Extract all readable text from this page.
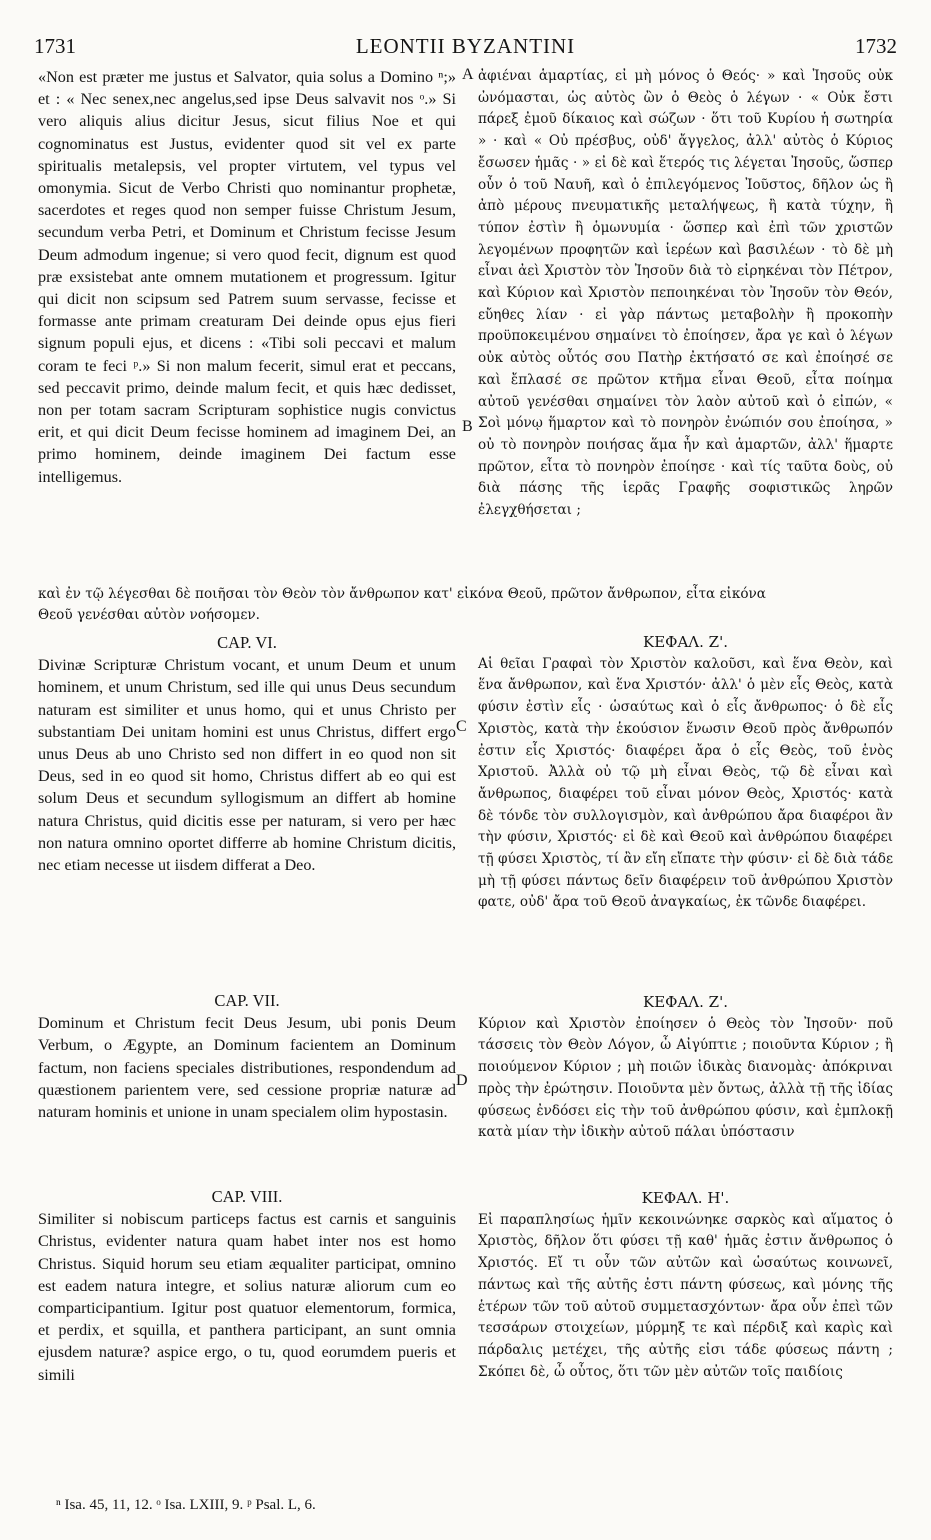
1731	LEONTII BYZANTINI	1732

«Non est præter me justus et Salvator, quia solus a Domino ⁿ;» et : « Nec senex,nec angelus,sed ipse Deus salvavit nos ᵒ.» Si vero aliquis alius dicitur Jesus, sicut filius Noe et qui cognominatus est Justus, evidenter quod sit vel ex parte spiritualis metalepsis, vel propter virtutem, vel typus vel omonymia. Sicut de Verbo Christi quo nominantur prophetæ, sacerdotes et reges quod non semper fuisse Christum Jesum, secundum verba Petri, et Dominum et Christum fecisse Jesum Deum admodum ingenue; si vero quod fecit, dignum est quod præ exsistebat ante omnem mutationem et progressum. Igitur qui dicit non scipsum sed Patrem suum servasse, fecisse et formasse ante primam creaturam Dei deinde opus ejus fieri signum populi ejus, et dicens : «Tibi soli peccavi et malum coram te feci ᵖ.» Si non malum fecerit, simul erat et peccans, sed peccavit primo, deinde malum fecit, et quis hæc dedisset, non per totam sacram Scripturam sophistice nugis convictus erit, et qui dicit Deum fecisse hominem ad imaginem Dei, an primo hominem, deinde imaginem Dei factum esse intelligemus.

καὶ ἐν τῷ λέγεσθαι δὲ ποιῆσαι τὸν Θεὸν τὸν ἄνθρωπον κατ' εἰκόνα Θεοῦ, πρῶτον ἄνθρωπον, εἶτα εἰκόνα
Θεοῦ γενέσθαι αὐτὸν νοήσομεν.

CAP. VI.

Divinæ Scripturæ Christum vocant, et unum Deum et unum hominem, et unum Christum, sed ille qui unus Deus secundum naturam est similiter et unus homo, qui et unus Christo per substantiam Dei unitam homini est unus Christus, differt ergo unus Deus ab uno Christo sed non differt in eo quod non sit Deus, sed in eo quod sit homo, Christus differt ab eo qui est solum Deus et secundum syllogismum an differt ab homine natura Christus, quid dicitis esse per naturam, si vero per hæc non natura omnino oportet differre ab homine Christum dicitis, nec etiam necesse ut iisdem differat a Deo.

CAP. VII.

Dominum et Christum fecit Deus Jesum, ubi ponis Deum Verbum, o Ægypte, an Dominum facientem an Dominum factum, non faciens speciales distributiones, respondendum ad quæstionem parientem vere, sed cessione propriæ naturæ ad naturam hominis et unione in unam specialem olim hypostasin.

CAP. VIII.

Similiter si nobiscum particeps factus est carnis et sanguinis Christus, evidenter natura quam habet inter nos est homo Christus. Siquid horum seu etiam æqualiter participat, omnino est eadem natura integre, et solius naturæ aliorum cum eo comparticipantium. Igitur post quatuor elementorum, formica, et perdix, et squilla, et panthera participant, an sunt omnia ejusdem naturæ? aspice ergo, o tu, quod eorumdem pueris et simili

ἀφιέναι ἁμαρτίας, εἰ μὴ μόνος ὁ Θεός· » καὶ Ἰησοῦς οὐκ ὠνόμασται, ὡς αὐτὸς ὢν ὁ Θεὸς ὁ λέγων · « Οὐκ ἔστι πάρεξ ἐμοῦ δίκαιος καὶ σώζων · ὅτι τοῦ Κυρίου ἡ σωτηρία » · καὶ « Οὐ πρέσβυς, οὐδ' ἄγγελος, ἀλλ' αὐτὸς ὁ Κύριος ἔσωσεν ἡμᾶς · » εἰ δὲ καὶ ἕτερός τις λέγεται Ἰησοῦς, ὥσπερ οὖν ὁ τοῦ Ναυῆ, καὶ ὁ ἐπιλεγόμενος Ἰοῦστος, δῆλον ὡς ἢ ἀπὸ μέρους πνευματικῆς μεταλήψεως, ἢ κατὰ τύχην, ἢ τύπον ἐστὶν ἢ ὁμωνυμία · ὥσπερ καὶ ἐπὶ τῶν χριστῶν λεγομένων προφητῶν καὶ ἱερέων καὶ βασιλέων · τὸ δὲ μὴ εἶναι ἀεὶ Χριστὸν τὸν Ἰησοῦν διὰ τὸ εἰρηκέναι τὸν Πέτρον, καὶ Κύριον καὶ Χριστὸν πεποιηκέναι τὸν Ἰησοῦν τὸν Θεόν, εὔηθες λίαν · εἰ γὰρ πάντως μεταβολὴν ἢ προκοπὴν προϋποκειμένου σημαίνει τὸ ἐποίησεν, ἄρα γε καὶ ὁ λέγων οὐκ αὐτὸς οὗτός σου Πατὴρ ἐκτήσατό σε καὶ ἐποίησέ σε καὶ ἔπλασέ σε πρῶτον κτῆμα εἶναι Θεοῦ, εἶτα ποίημα αὐτοῦ γενέσθαι σημαίνει τὸν λαὸν αὐτοῦ καὶ ὁ εἰπών, « Σοὶ μόνῳ ἥμαρτον καὶ τὸ πονηρὸν ἐνώπιόν σου ἐποίησα, » οὐ τὸ πονηρὸν ποιήσας ἅμα ἦν καὶ ἁμαρτῶν, ἀλλ' ἥμαρτε πρῶτον, εἶτα τὸ πονηρὸν ἐποίησε · καὶ τίς ταῦτα δοὺς, οὐ διὰ πάσης τῆς ἱερᾶς Γραφῆς σοφιστικῶς ληρῶν ἐλεγχθήσεται ;

ΚΕΦΑΛ. Ζ'.

Αἱ θεῖαι Γραφαὶ τὸν Χριστὸν καλοῦσι, καὶ ἕνα Θεὸν, καὶ ἕνα ἄνθρωπον, καὶ ἕνα Χριστόν· ἀλλ' ὁ μὲν εἷς Θεὸς, κατὰ φύσιν ἐστὶν εἷς · ὡσαύτως καὶ ὁ εἷς ἄνθρωπος· ὁ δὲ εἷς Χριστὸς, κατὰ τὴν ἑκούσιον ἕνωσιν Θεοῦ πρὸς ἄνθρωπόν ἐστιν εἷς Χριστός· διαφέρει ἄρα ὁ εἷς Θεὸς, τοῦ ἑνὸς Χριστοῦ. Ἀλλὰ οὐ τῷ μὴ εἶναι Θεὸς, τῷ δὲ εἶναι καὶ ἄνθρωπος, διαφέρει τοῦ εἶναι μόνον Θεὸς, Χριστός· κατὰ δὲ τόνδε τὸν συλλογισμὸν, καὶ ἀνθρώπου ἄρα διαφέροι ἂν τὴν φύσιν, Χριστός· εἰ δὲ καὶ Θεοῦ καὶ ἀνθρώπου διαφέρει τῇ φύσει Χριστὸς, τί ἂν εἴη εἴπατε τὴν φύσιν· εἰ δὲ διὰ τάδε μὴ τῇ φύσει πάντως δεῖν διαφέρειν τοῦ ἀνθρώπου Χριστὸν φατε, οὐδ' ἄρα τοῦ Θεοῦ ἀναγκαίως, ἐκ τῶνδε διαφέρει.

ΚΕΦΑΛ. Ζ'.

Κύριον καὶ Χριστὸν ἐποίησεν ὁ Θεὸς τὸν Ἰησοῦν· ποῦ τάσσεις τὸν Θεὸν Λόγον, ὦ Αἰγύπτιε ; ποιοῦντα Κύριον ; ἢ ποιούμενον Κύριον ; μὴ ποιῶν ἰδικὰς διανομὰς· ἀπόκριναι πρὸς τὴν ἐρώτησιν. Ποιοῦντα μὲν ὄντως, ἀλλὰ τῇ τῆς ἰδίας φύσεως ἐνδόσει εἰς τὴν τοῦ ἀνθρώπου φύσιν, καὶ ἐμπλοκῇ κατὰ μίαν τὴν ἰδικὴν αὐτοῦ πάλαι ὑπόστασιν

ΚΕΦΑΛ. Η'.

Εἰ παραπλησίως ἡμῖν κεκοινώνηκε σαρκὸς καὶ αἵματος ὁ Χριστὸς, δῆλον ὅτι φύσει τῇ καθ' ἡμᾶς ἐστιν ἄνθρωπος ὁ Χριστός. Εἴ τι οὖν τῶν αὐτῶν καὶ ὡσαύτως κοινωνεῖ, πάντως καὶ τῆς αὐτῆς ἐστι πάντη φύσεως, καὶ μόνης τῆς ἑτέρων τῶν τοῦ αὐτοῦ συμμετασχόντων· ἄρα οὖν ἐπεὶ τῶν τεσσάρων στοιχείων, μύρμηξ τε καὶ πέρδιξ καὶ καρὶς καὶ πάρδαλις μετέχει, τῆς αὐτῆς εἰσι τάδε φύσεως πάντη ; Σκόπει δὲ, ὦ οὗτος, ὅτι τῶν μὲν αὐτῶν τοῖς παιδίοις

A
B
C
D
ⁿ Isa. 45, 11, 12. ᵒ Isa. LXIII, 9. ᵖ Psal. L, 6.
